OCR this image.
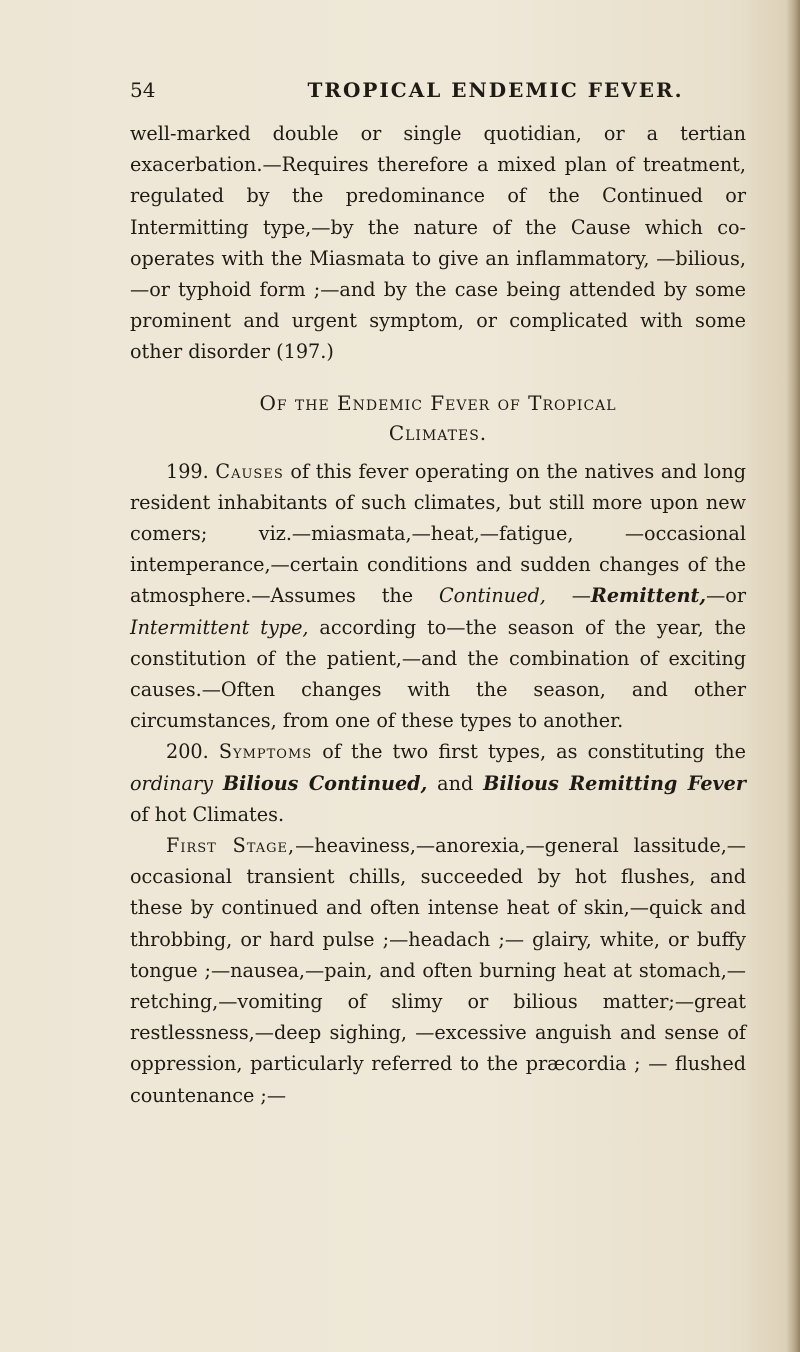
54	TROPICAL ENDEMIC FEVER.

well-marked double or single quotidian, or a tertian exacerbation.—Requires therefore a mixed plan of treatment, regulated by the predominance of the Continued or Intermitting type,—by the nature of the Cause which co-operates with the Miasmata to give an inflammatory, —bilious,—or typhoid form ;—and by the case being attended by some prominent and urgent symptom, or complicated with some other disorder (197.)

Of the Endemic Fever of Tropical
Climates.

199. Causes of this fever operating on the natives and long resident inhabitants of such climates, but still more upon new comers; viz.—miasmata,—heat,—fatigue, —occasional intemperance,—certain conditions and sudden changes of the atmosphere.—Assumes the Continued, —Remittent,—or Intermittent type, according to—the season of the year, the constitution of the patient,—and the combination of exciting causes.—Often changes with the season, and other circumstances, from one of these types to another.

200. Symptoms of the two first types, as constituting the ordinary Bilious Continued, and Bilious Remitting Fever of hot Climates.

First Stage,—heaviness,—anorexia,—general lassitude,—occasional transient chills, succeeded by hot flushes, and these by continued and often intense heat of skin,—quick and throbbing, or hard pulse ;—headach ;— glairy, white, or buffy tongue ;—nausea,—pain, and often burning heat at stomach,—retching,—vomiting of slimy or bilious matter;—great restlessness,—deep sighing, —excessive anguish and sense of oppression, particularly referred to the præcordia ; — flushed countenance ;—
